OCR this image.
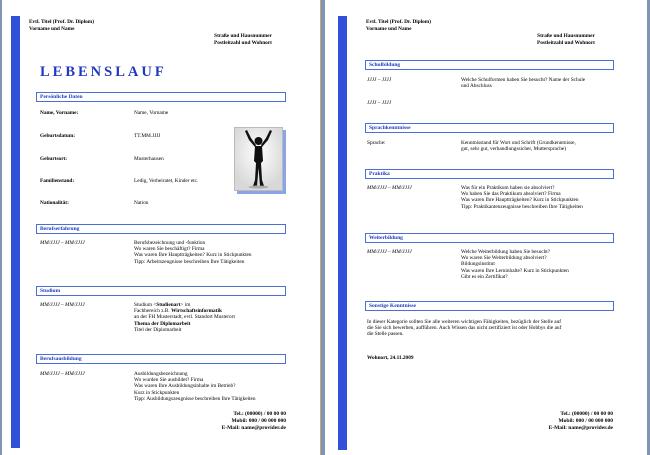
Evtl. Titel (Prof. Dr. Diplom)
Vorname und Name
Straße und Hausnummer
Postleitzahl und Wohnort
LEBENSLAUF
Persönliche Daten
Name, Vorname:	Name, Vorname
Geburtsdatum:	TT.MM.JJJJ
Geburtsort:	Musterhausen
Familienstand:	Ledig, Verheiratet, Kinder etc.
Nationalität:	Nation
Berufserfahrung
MM/JJJJ – MM/JJJJ	Berufsbezeichnung und -funktion
Wo waren Sie beschäftigt? Firma
Was waren Ihre Hauptträgkeiten? Kurz in Stickpunkten
Tipp: Arbeitszeugnisse beschreiben Ihre Tätigkeiten
Studium
MM/JJJJ – MM/JJJJ	Studium <Studienart> im
Fachbereich z.B. Wirtschaftsinformatik
an der FH Musterstadt, evtl. Standort Musterort
Thema der Diplomarbeit
Titel der Diplomarbeit
Berufsausbildung
MM/JJJJ – MM/JJJJ	Ausbildungsbezeichnung
Wo wurden Sie ausbildet? Firma
Was waren Ihre Ausbildungsinhalte im Betrieb?
Kurz in Stickpunkten
Tipp: Ausbildungszeugnisse beschreiben Ihre Tätigkeiten
Tel.: (00000) / 00 00 00
Mobil: 000 / 00 000 000
E-Mail: name@provider.de
Evtl. Titel (Prof. Dr. Diplom)
Vorname und Name
Straße und Hausnummer
Postleitzahl und Wohnort
Schulbildung
JJJJ – JJJJ	Welche Schulformen haben Sie besucht? Name der Schule
und Abschluss
JJJJ – JJJJ
Sprachkenntnisse
Sprache:	Kenntnisstand für Wort und Schrift (Grundkenntnisse,
gut, sehr gut, verhandlungssicher, Muttersprache)
Praktika
MM/JJJJ – MM/JJJJ	Was für ein Praktikum haben sie absolviert?
Wo haben Sie das Praktikum absolviert? Firma
Was waren Ihre Hauptträgkeiten? Kurz in Stickpunkten
Tipp: Praktikantenzeugnisse beschreiben Ihre Tätigkeiten
Weiterbildung
MM/JJJJ – MM/JJJJ	Welche Weiterbildung haben Sie besucht?
Wo waren Sie Weiterbildung absolviert?
Bildungsinstitut
Was waren Ihre Lerninhalte? Kurz in Stickpunkten
Gibt es ein Zertifikat?
Sonstige Kenntnisse
In dieser Kategorie sollten Sie alle weiteren wichtigen Fähigkeiten, bezüglich der Stelle auf
die Sie sich bewerben, aufführen. Auch Wissen das nicht zertifiziert ist oder Hobbys die auf
die Stelle passen.
Wohnort, 24.11.2009
Tel.: (00000) / 00 00 00
Mobil: 000 / 00 000 000
E-Mail: name@provider.de
